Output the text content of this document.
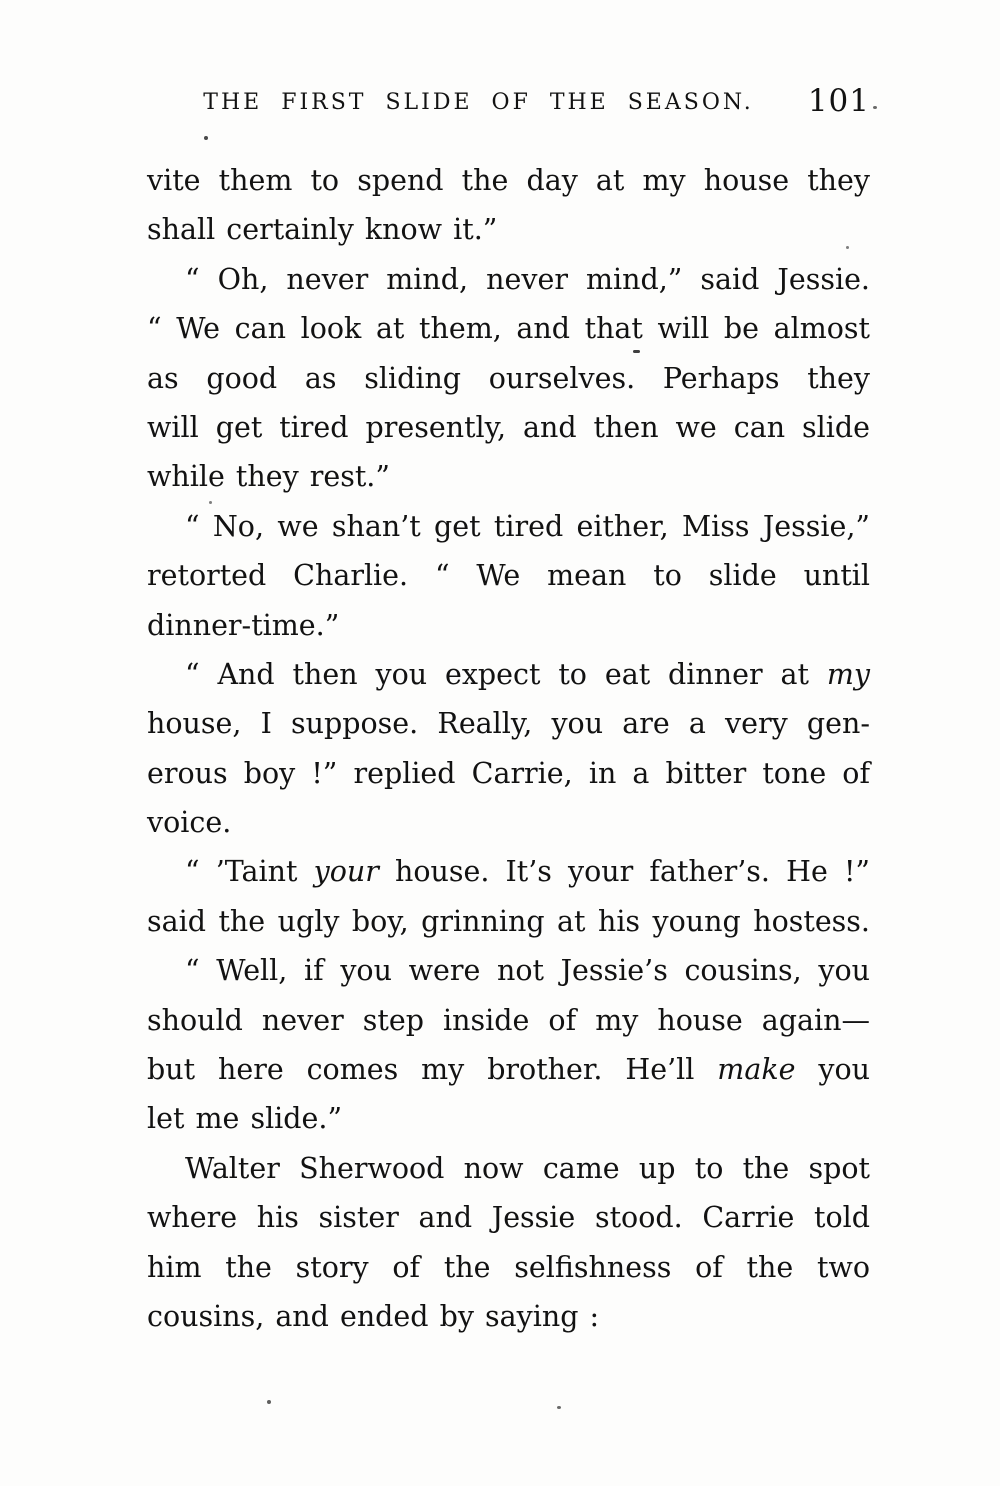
THE FIRST SLIDE OF THE SEASON.	101
vite them to spend the day at my house they
shall certainly know it.”
“ Oh, never mind, never mind,” said Jessie.
“ We can look at them, and that will be almost
as good as sliding ourselves. Perhaps they
will get tired presently, and then we can slide
while they rest.”
“ No, we shan’t get tired either, Miss Jessie,”
retorted Charlie. “ We mean to slide until
dinner-time.”
“ And then you expect to eat dinner at my
house, I suppose. Really, you are a very gen-
erous boy !” replied Carrie, in a bitter tone of
voice.
“ ’Taint your house. It’s your father’s. He !”
said the ugly boy, grinning at his young hostess.
“ Well, if you were not Jessie’s cousins, you
should never step inside of my house again—
but here comes my brother. He’ll make you
let me slide.”
Walter Sherwood now came up to the spot
where his sister and Jessie stood. Carrie told
him the story of the selfishness of the two
cousins, and ended by saying :
